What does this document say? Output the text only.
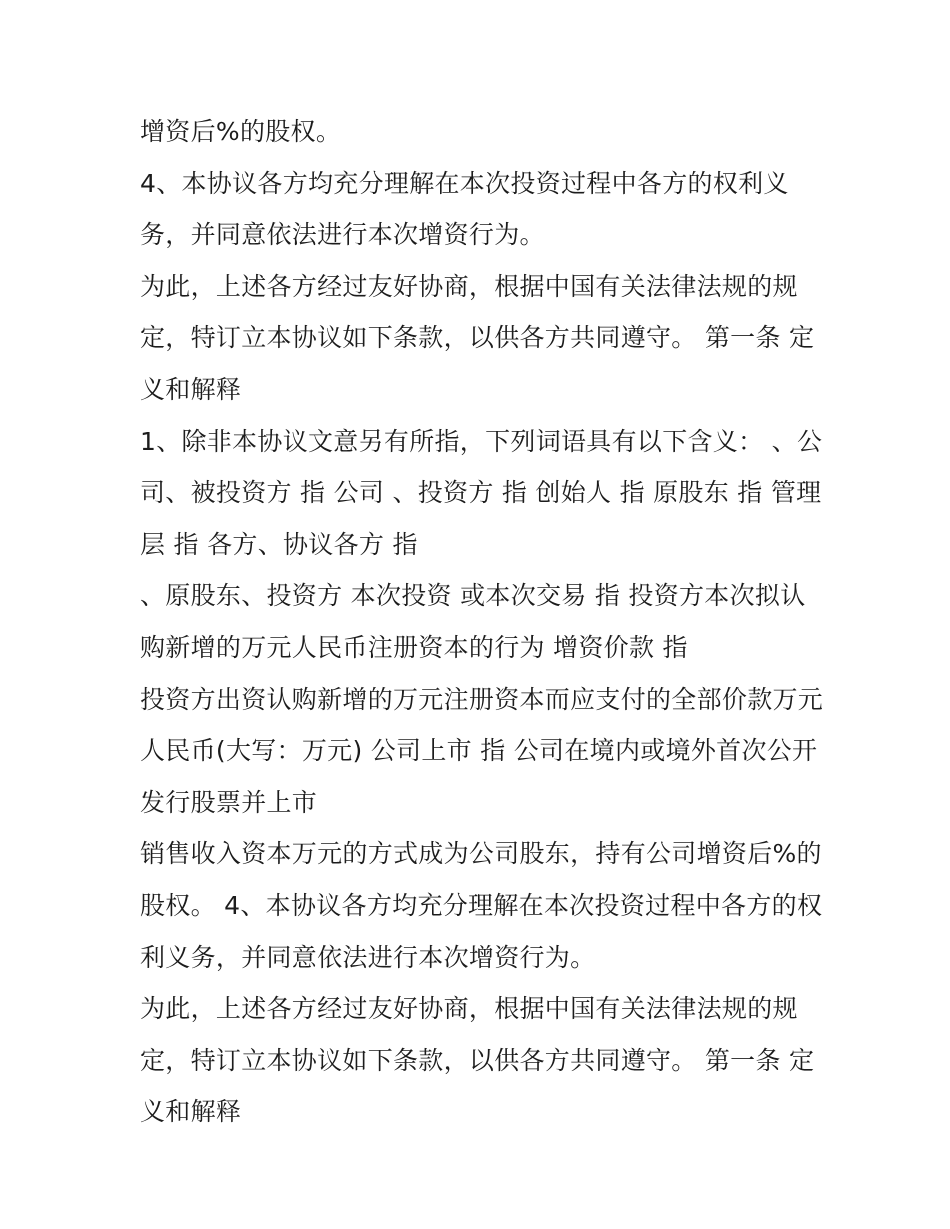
增资后%的股权。
4、本协议各方均充分理解在本次投资过程中各方的权利义
务，并同意依法进行本次增资行为。
为此，上述各方经过友好协商，根据中国有关法律法规的规
定，特订立本协议如下条款，以供各方共同遵守。 第一条 定
义和解释
1、除非本协议文意另有所指，下列词语具有以下含义： 、公
司、被投资方 指 公司 、投资方 指 创始人 指 原股东 指 管理
层 指 各方、协议各方 指
、原股东、投资方 本次投资 或本次交易 指 投资方本次拟认
购新增的万元人民币注册资本的行为 增资价款 指
投资方出资认购新增的万元注册资本而应支付的全部价款万元
人民币(大写：万元) 公司上市 指 公司在境内或境外首次公开
发行股票并上市
销售收入资本万元的方式成为公司股东，持有公司增资后%的
股权。 4、本协议各方均充分理解在本次投资过程中各方的权
利义务，并同意依法进行本次增资行为。
为此，上述各方经过友好协商，根据中国有关法律法规的规
定，特订立本协议如下条款，以供各方共同遵守。 第一条 定
义和解释
